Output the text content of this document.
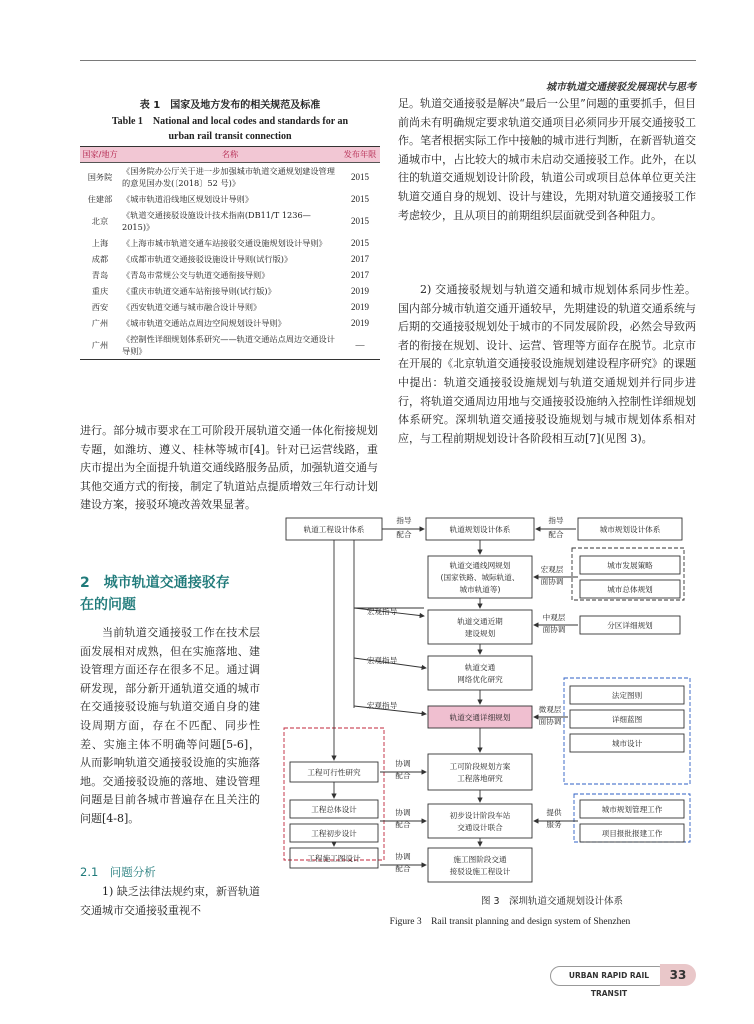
城市轨道交通接驳发展现状与思考
表 1　国家及地方发布的相关规范及标准
Table 1　National and local codes and standards for an
urban rail transit connection
国家/地方	名称	发布年限
国务院	《国务院办公厅关于进一步加强城市轨道交通规划建设管理的意见国办发(〔2018〕52 号)》	2015
住建部	《城市轨道沿线地区规划设计导则》	2015
北京	《轨道交通接驳设施设计技术指南(DB11/T 1236—2015)》	2015
上海	《上海市城市轨道交通车站接驳交通设施规划设计导则》	2015
成都	《成都市轨道交通接驳设施设计导则(试行版)》	2017
青岛	《青岛市常规公交与轨道交通衔接导则》	2017
重庆	《重庆市轨道交通车站衔接导则(试行版)》	2019
西安	《西安轨道交通与城市融合设计导则》	2019
广州	《城市轨道交通站点周边空间规划设计导则》	2019
广州	《控制性详细规划体系研究——轨道交通站点周边交通设计导则》	—
进行。部分城市要求在工可阶段开展轨道交通一体化衔接规划专题，如潍坊、遵义、桂林等城市[4]。针对已运营线路，重庆市提出为全面提升轨道交通线路服务品质，加强轨道交通与其他交通方式的衔接，制定了轨道站点提质增效三年行动计划建设方案，接驳环境改善效果显著。
2　城市轨道交通接驳存
在的问题
当前轨道交通接驳工作在技术层面发展相对成熟，但在实施落地、建设管理方面还存在很多不足。通过调研发现，部分新开通轨道交通的城市在交通接驳设施与轨道交通自身的建设周期方面，存在不匹配、同步性差、实施主体不明确等问题[5-6]，从而影响轨道交通接驳设施的实施落地。交通接驳设施的落地、建设管理问题是目前各城市普遍存在且关注的问题[4-8]。
2.1　问题分析
1) 缺乏法律法规约束，新晋轨道交通城市交通接驳重视不
足。轨道交通接驳是解决“最后一公里”问题的重要抓手，但目前尚未有明确规定要求轨道交通项目必须同步开展交通接驳工作。笔者根据实际工作中接触的城市进行判断，在新晋轨道交通城市中，占比较大的城市未启动交通接驳工作。此外，在以往的轨道交通规划设计阶段，轨道公司或项目总体单位更关注轨道交通自身的规划、设计与建设，先期对轨道交通接驳工作考虑较少，且从项目的前期组织层面就受到各种阻力。
2) 交通接驳规划与轨道交通和城市规划体系同步性差。国内部分城市轨道交通开通较早，先期建设的轨道交通系统与后期的交通接驳规划处于城市的不同发展阶段，必然会导致两者的衔接在规划、设计、运营、管理等方面存在脱节。北京市在开展的《北京轨道交通接驳设施规划建设程序研究》的课题中提出：轨道交通接驳设施规划与轨道交通规划并行同步进行，将轨道交通周边用地与交通接驳设施纳入控制性详细规划体系研究。深圳轨道交通接驳设施规划与城市规划体系相对应，与工程前期规划设计各阶段相互动[7](见图 3)。
轨道工程设计体系	轨道规划设计体系	城市规划设计体系
轨道交通线网规划
(国家铁路、城际轨道、
城市轨道等)
城市发展策略
城市总体规划
轨道交通近期
建设规划
分区详细规划
轨道交通
网络优化研究
法定图则
详细蓝图
城市设计
轨道交通详细规划
工程可行性研究
工可阶段规划方案
工程落地研究
工程总体设计
工程初步设计
初步设计阶段车站
交通设计联合
城市规划管理工作
项目报批报建工作
工程施工图设计	施工图阶段交通
接驳设施工程设计
指导
配合
指导
配合
宏观层
面协调
宏观指导
中观层
面协调
宏观指导
宏观指导	微观层
面协调
协调
配合
协调
配合
提供
服务
协调
配合
图 3　深圳轨道交通规划设计体系
Figure 3　Rail transit planning and design system of Shenzhen
URBAN RAPID RAIL TRANSIT
33
